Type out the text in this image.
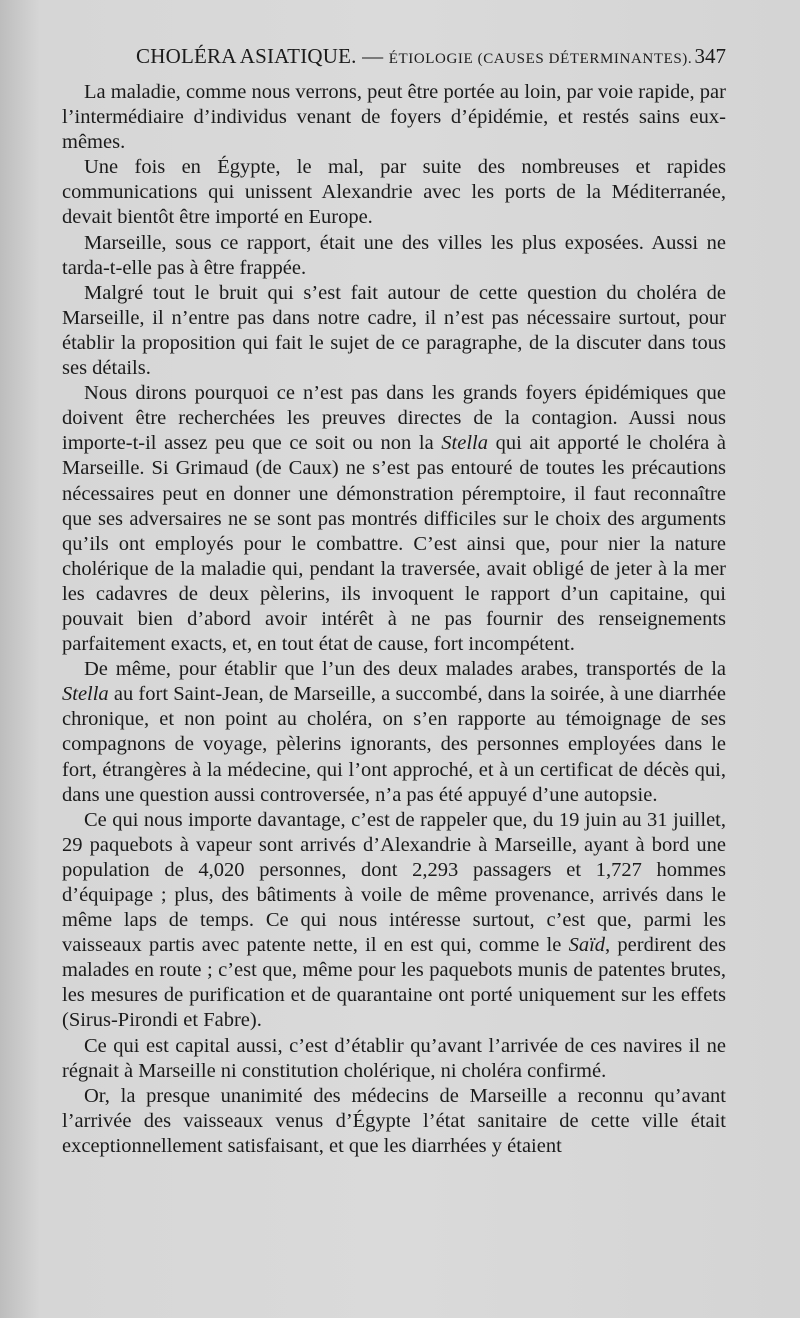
CHOLÉRA ASIATIQUE. — ÉTIOLOGIE (CAUSES DÉTERMINANTES). 347

La maladie, comme nous verrons, peut être portée au loin, par voie rapide, par l’intermédiaire d’individus venant de foyers d’épidémie, et restés sains eux-mêmes.

Une fois en Égypte, le mal, par suite des nombreuses et rapides communications qui unissent Alexandrie avec les ports de la Méditerranée, devait bientôt être importé en Europe.

Marseille, sous ce rapport, était une des villes les plus exposées. Aussi ne tarda-t-elle pas à être frappée.

Malgré tout le bruit qui s’est fait autour de cette question du choléra de Marseille, il n’entre pas dans notre cadre, il n’est pas nécessaire surtout, pour établir la proposition qui fait le sujet de ce paragraphe, de la discuter dans tous ses détails.

Nous dirons pourquoi ce n’est pas dans les grands foyers épidémiques que doivent être recherchées les preuves directes de la contagion. Aussi nous importe-t-il assez peu que ce soit ou non la Stella qui ait apporté le choléra à Marseille. Si Grimaud (de Caux) ne s’est pas entouré de toutes les précautions nécessaires peut en donner une démonstration péremptoire, il faut reconnaître que ses adversaires ne se sont pas montrés difficiles sur le choix des arguments qu’ils ont employés pour le combattre. C’est ainsi que, pour nier la nature cholérique de la maladie qui, pendant la traversée, avait obligé de jeter à la mer les cadavres de deux pèlerins, ils invoquent le rapport d’un capitaine, qui pouvait bien d’abord avoir intérêt à ne pas fournir des renseignements parfaitement exacts, et, en tout état de cause, fort incompétent.

De même, pour établir que l’un des deux malades arabes, transportés de la Stella au fort Saint-Jean, de Marseille, a succombé, dans la soirée, à une diarrhée chronique, et non point au choléra, on s’en rapporte au témoignage de ses compagnons de voyage, pèlerins ignorants, des personnes employées dans le fort, étrangères à la médecine, qui l’ont approché, et à un certificat de décès qui, dans une question aussi controversée, n’a pas été appuyé d’une autopsie.

Ce qui nous importe davantage, c’est de rappeler que, du 19 juin au 31 juillet, 29 paquebots à vapeur sont arrivés d’Alexandrie à Marseille, ayant à bord une population de 4,020 personnes, dont 2,293 passagers et 1,727 hommes d’équipage ; plus, des bâtiments à voile de même provenance, arrivés dans le même laps de temps. Ce qui nous intéresse surtout, c’est que, parmi les vaisseaux partis avec patente nette, il en est qui, comme le Saïd, perdirent des malades en route ; c’est que, même pour les paquebots munis de patentes brutes, les mesures de purification et de quarantaine ont porté uniquement sur les effets (Sirus-Pirondi et Fabre).

Ce qui est capital aussi, c’est d’établir qu’avant l’arrivée de ces navires il ne régnait à Marseille ni constitution cholérique, ni choléra confirmé.

Or, la presque unanimité des médecins de Marseille a reconnu qu’avant l’arrivée des vaisseaux venus d’Égypte l’état sanitaire de cette ville était exceptionnellement satisfaisant, et que les diarrhées y étaient
